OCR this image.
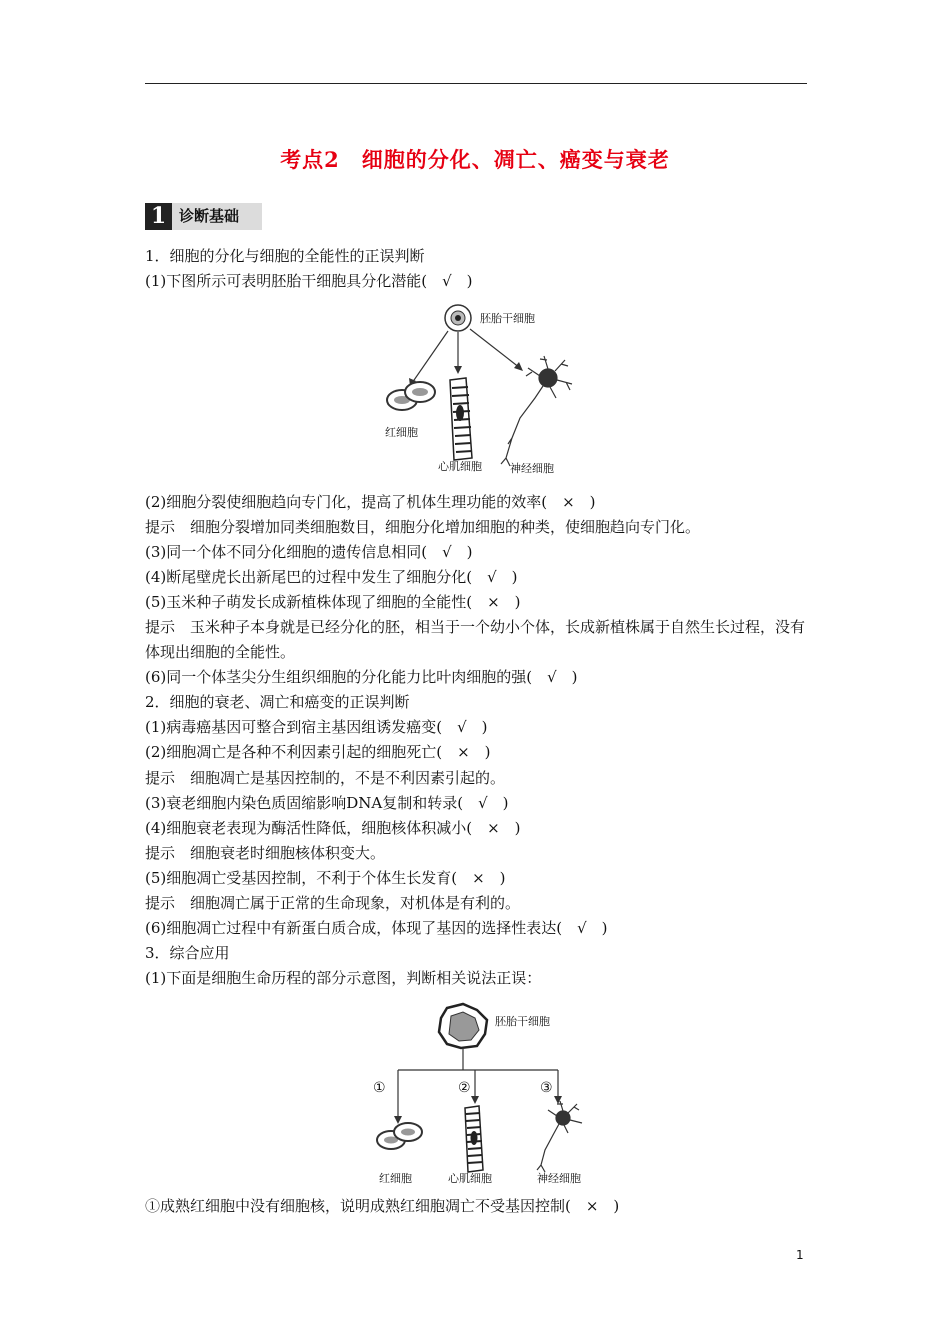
考点2　细胞的分化、凋亡、癌变与衰老
1 诊断基础
1．细胞的分化与细胞的全能性的正误判断
(1)下图所示可表明胚胎干细胞具分化潜能(　√　)
胚胎干细胞
红细胞
心肌细胞	神经细胞
(2)细胞分裂使细胞趋向专门化，提高了机体生理功能的效率(　×　)
提示　细胞分裂增加同类细胞数目，细胞分化增加细胞的种类，使细胞趋向专门化。
(3)同一个体不同分化细胞的遗传信息相同(　√　)
(4)断尾壁虎长出新尾巴的过程中发生了细胞分化(　√　)
(5)玉米种子萌发长成新植株体现了细胞的全能性(　×　)
提示　玉米种子本身就是已经分化的胚，相当于一个幼小个体，长成新植株属于自然生长过程，没有体现出细胞的全能性。
(6)同一个体茎尖分生组织细胞的分化能力比叶肉细胞的强(　√　)
2．细胞的衰老、凋亡和癌变的正误判断
(1)病毒癌基因可整合到宿主基因组诱发癌变(　√　)
(2)细胞凋亡是各种不利因素引起的细胞死亡(　×　)
提示　细胞凋亡是基因控制的，不是不利因素引起的。
(3)衰老细胞内染色质固缩影响DNA复制和转录(　√　)
(4)细胞衰老表现为酶活性降低，细胞核体积减小(　×　)
提示　细胞衰老时细胞核体积变大。
(5)细胞凋亡受基因控制，不利于个体生长发育(　×　)
提示　细胞凋亡属于正常的生命现象，对机体是有利的。
(6)细胞凋亡过程中有新蛋白质合成，体现了基因的选择性表达(　√　)
3．综合应用
(1)下面是细胞生命历程的部分示意图，判断相关说法正误：
胚胎干细胞
①	②	③
红细胞	心肌细胞	神经细胞
①成熟红细胞中没有细胞核，说明成熟红细胞凋亡不受基因控制(　×　)
1
